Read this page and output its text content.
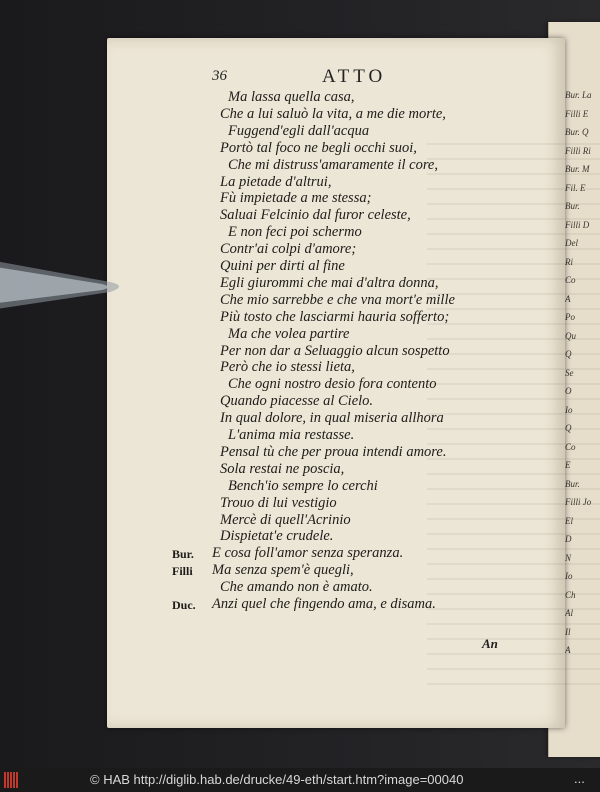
Bur. La
Filli E
Bur. Q
Filli Ri
Bur. M
Fil. E
Bur.
Filli D
Del
Ri
Co
A
Po
Qu
Q
Se
O
Io
Q
Co
E
Bur.
Filli Jo
El
D
N
Io
Ch
Al
Il
A
36	ATTO
Ma lassa quella casa,
Che a lui saluò la vita, a me die morte,
Fuggend'egli dall'acqua
Portò tal foco ne begli occhi suoi,
Che mi distruss'amaramente il core,
La pietade d'altrui,
Fù impietade a me stessa;
Saluai Felcinio dal furor celeste,
E non feci poi schermo
Contr'ai colpi d'amore;
Quini per dirti al fine
Egli giurommi che mai d'altra donna,
Che mio sarrebbe e che vna mort'e mille
Più tosto che lasciarmi hauria sofferto;
Ma che volea partire
Per non dar a Seluaggio alcun sospetto
Però che io stessi lieta,
Che ogni nostro desio fora contento
Quando piacesse al Cielo.
In qual dolore, in qual miseria allhora
L'anima mia restasse.
Pensal tù che per proua intendi amore.
Sola restai ne poscia,
Bench'io sempre lo cerchi
Trouo di lui vestigio
Mercè di quell'Acrinio
Dispietat'e crudele.
Bur. E cosa foll'amor senza speranza.
Filli Ma senza spem'è quegli,
Che amando non è amato.
Duc. Anzi quel che fingendo ama, e disama.
An
© HAB http://diglib.hab.de/drucke/49-eth/start.htm?image=00040	...
